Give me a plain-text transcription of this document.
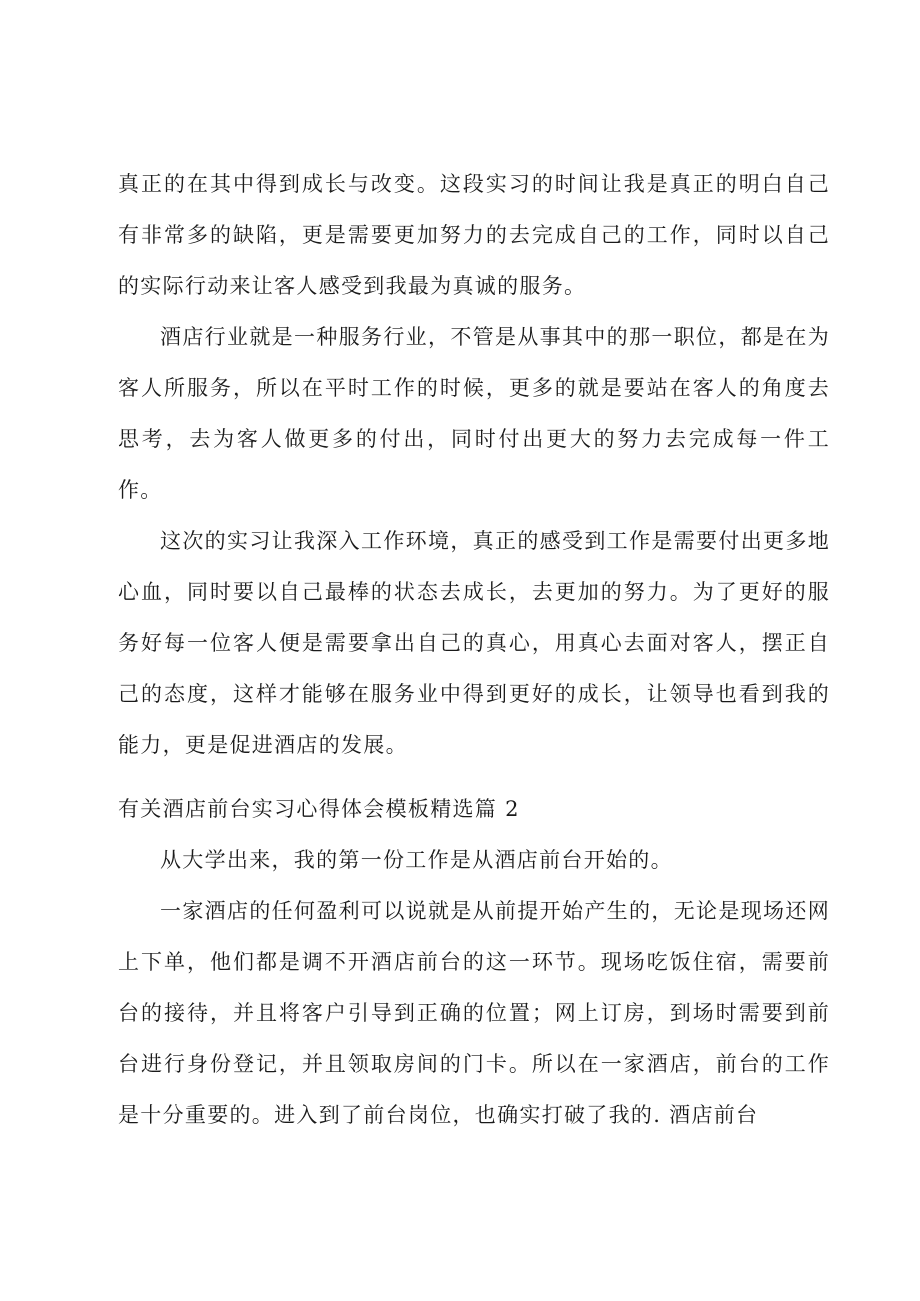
真正的在其中得到成长与改变。这段实习的时间让我是真正的明白自己有非常多的缺陷，更是需要更加努力的去完成自己的工作，同时以自己的实际行动来让客人感受到我最为真诚的服务。

酒店行业就是一种服务行业，不管是从事其中的那一职位，都是在为客人所服务，所以在平时工作的时候，更多的就是要站在客人的角度去思考，去为客人做更多的付出，同时付出更大的努力去完成每一件工作。

这次的实习让我深入工作环境，真正的感受到工作是需要付出更多地心血，同时要以自己最棒的状态去成长，去更加的努力。为了更好的服务好每一位客人便是需要拿出自己的真心，用真心去面对客人，摆正自己的态度，这样才能够在服务业中得到更好的成长，让领导也看到我的能力，更是促进酒店的发展。

有关酒店前台实习心得体会模板精选篇 2

从大学出来，我的第一份工作是从酒店前台开始的。

一家酒店的任何盈利可以说就是从前提开始产生的，无论是现场还网上下单，他们都是调不开酒店前台的这一环节。现场吃饭住宿，需要前台的接待，并且将客户引导到正确的位置；网上订房，到场时需要到前台进行身份登记，并且领取房间的门卡。所以在一家酒店，前台的工作是十分重要的。进入到了前台岗位，也确实打破了我的. 酒店前台
